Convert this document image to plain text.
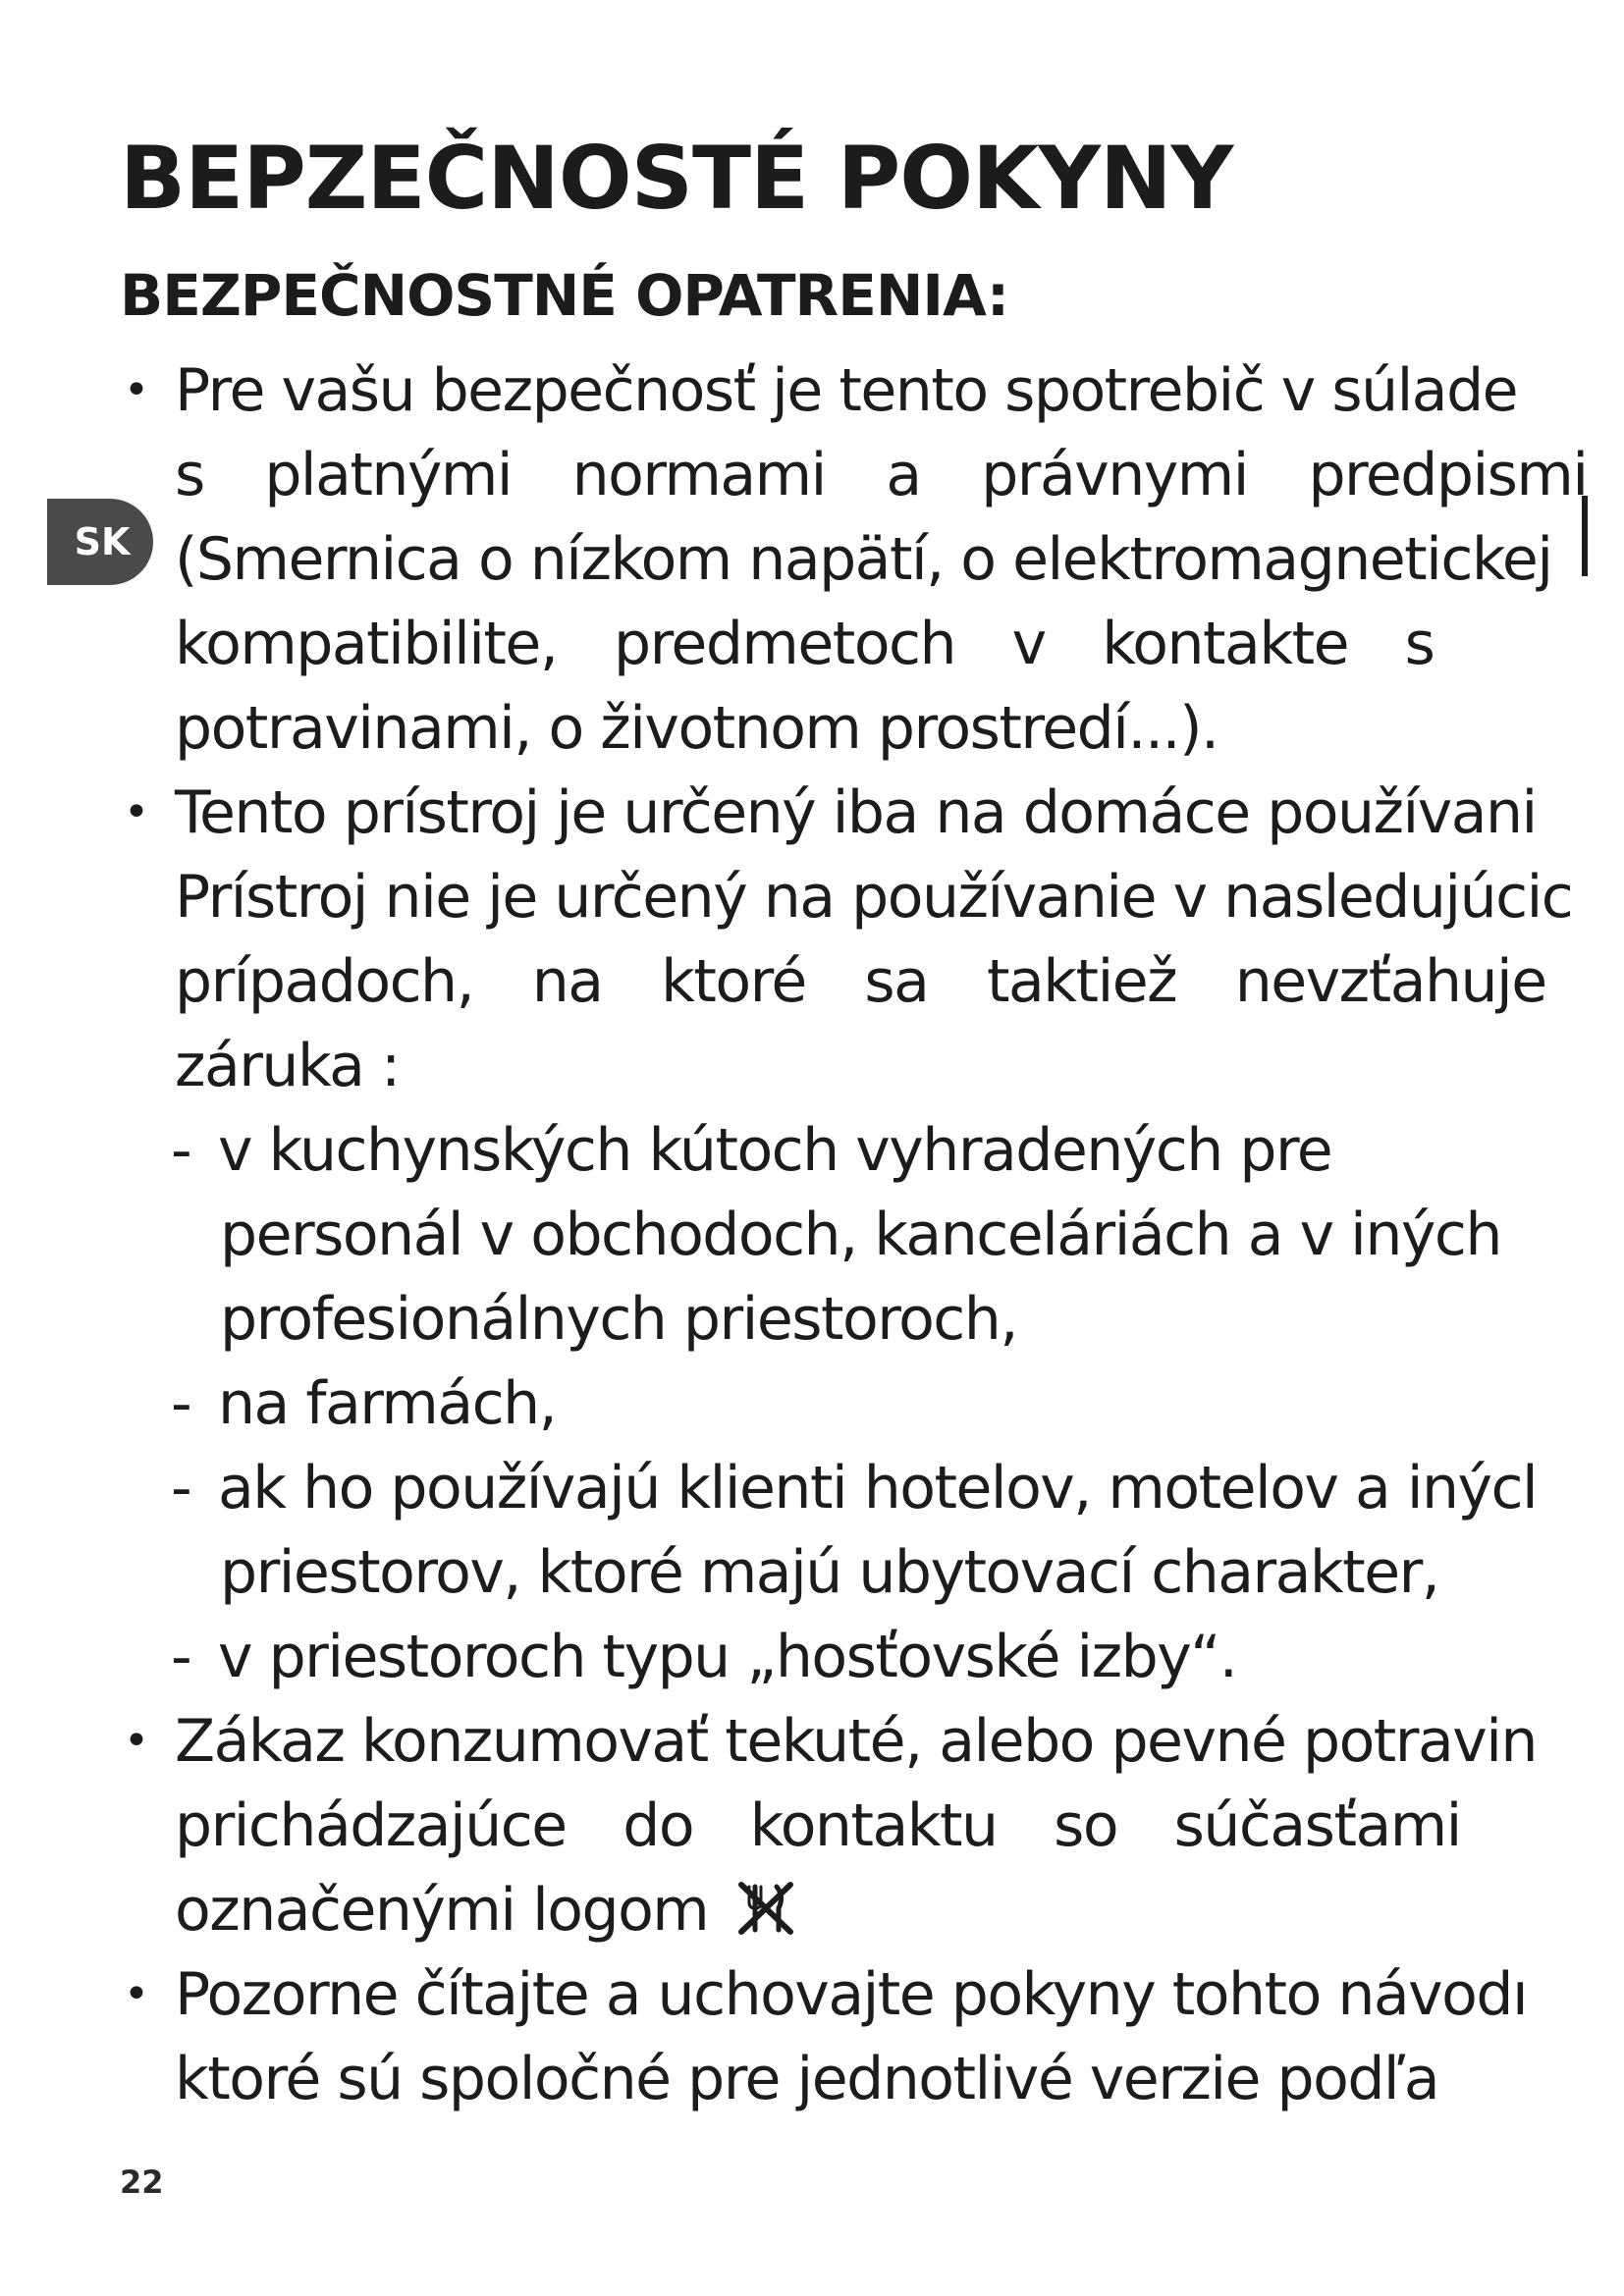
BEPZEČNOSTÉ POKYNY
BEZPEČNOSTNÉ OPATRENIA:
SK
• Pre vašu bezpečnosť je tento spotrebič v súlade
s platnými normami a právnymi predpismi
(Smernica o nízkom napätí, o elektromagnetickej
kompatibilite, predmetoch v kontakte s
potravinami, o životnom prostredí...).
• Tento prístroj je určený iba na domáce používani
Prístroj nie je určený na používanie v nasledujúcic
prípadoch, na ktoré sa taktiež nevzťahuje
záruka :
- v kuchynských kútoch vyhradených pre
personál v obchodoch, kanceláriách a v iných
profesionálnych priestoroch,
- na farmách,
- ak ho používajú klienti hotelov, motelov a inýcl
priestorov, ktoré majú ubytovací charakter,
- v priestoroch typu „hosťovské izby“.
• Zákaz konzumovať tekuté, alebo pevné potravin
prichádzajúce do kontaktu so súčasťami
označenými logom
• Pozorne čítajte a uchovajte pokyny tohto návodı
ktoré sú spoločné pre jednotlivé verzie podľa
22
